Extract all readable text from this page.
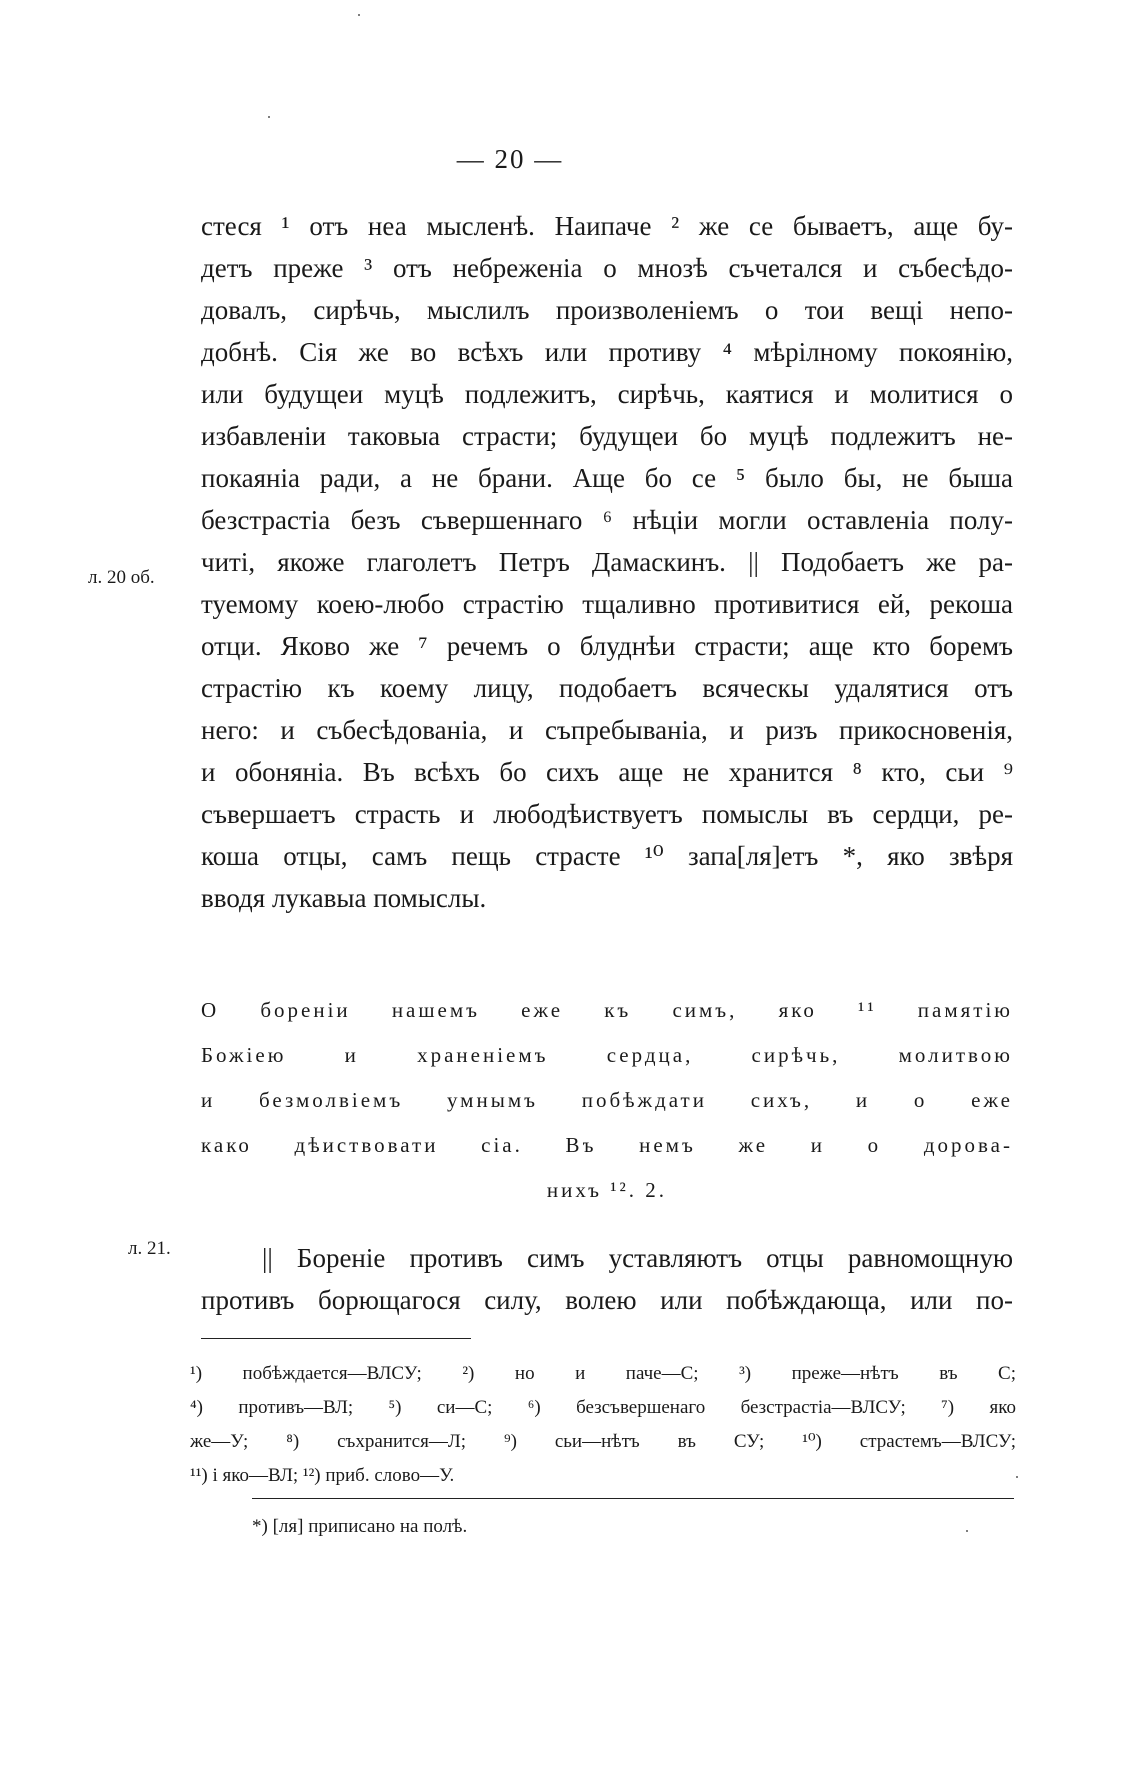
— 20 —
л. 20 об.
л. 21.
стеся ¹ отъ неа мысленѣ. Наипаче ² же се бываетъ, аще бу-
детъ преже ³ отъ небреженіа о мнозѣ съчетался и събесѣдо-
довалъ, сирѣчь, мыслилъ произволеніемъ о тои вещі непо-
добнѣ. Сія же во всѣхъ или противу ⁴ мѣрілному покоянію,
или будущеи муцѣ подлежитъ, сирѣчь, каятися и молитися о
избавленіи таковыа страсти; будущеи бо муцѣ подлежитъ не-
покаяніа ради, а не брани. Аще бо се ⁵ было бы, не быша
безстрастіа безъ съвершеннаго ⁶ нѣціи могли оставленіа полу-
читі, якоже глаголетъ Петръ Дамаскинъ. || Подобаетъ же ра-
туемому коею-любо страстію тщаливно противитися ей, рекоша
отци. Яково же ⁷ речемъ о блуднѣи страсти; аще кто боремъ
страстію къ коему лицу, подобаетъ всяческы удалятися отъ
него: и събесѣдованіа, и съпребываніа, и ризъ прикосновенія,
и обоняніа. Въ всѣхъ бо сихъ аще не хранится ⁸ кто, сьи ⁹
съвершаетъ страсть и любодѣиствуетъ помыслы въ сердци, ре-
коша отцы, самъ пещь страсте ¹⁰ запа[ля]етъ *, яко звѣря
вводя лукавыа помыслы.
О бореніи нашемъ еже къ симъ, яко ¹¹ памятію
Божіею и храненіемъ сердца, сирѣчь, молитвою
и безмолвіемъ умнымъ побѣждати сихъ, и о еже
како дѣиствовати сіа. Въ немъ же и о дорова-
нихъ ¹². 2.
|| Бореніе противъ симъ уставляютъ отцы равномощную
противъ борющагося силу, волею или побѣждающа, или по-
¹) побѣждается—ВЛСУ; ²) но и паче—С; ³) преже—нѣтъ въ С;
⁴) противъ—ВЛ; ⁵) си—С; ⁶) безсъвершенаго безстрастіа—ВЛСУ; ⁷) яко
же—У; ⁸) съхранится—Л; ⁹) сьи—нѣтъ въ СУ; ¹⁰) страстемъ—ВЛСУ;
¹¹) і яко—ВЛ; ¹²) приб. слово—У.
*) [ля] приписано на полѣ.
